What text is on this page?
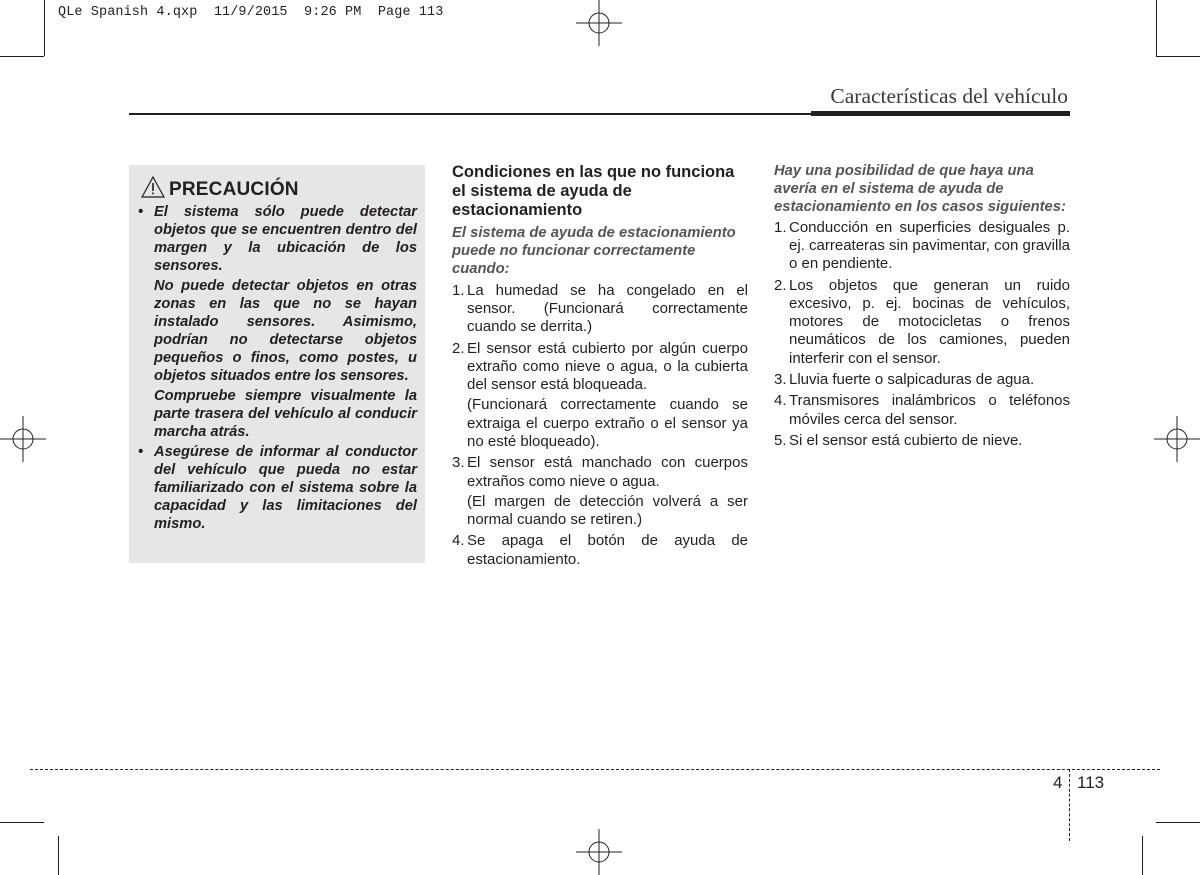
QLe Spanish 4.qxp  11/9/2015  9:26 PM  Page 113
Características del vehículo
PRECAUCIÓN
• El sistema sólo puede detectar objetos que se encuentren dentro del margen y la ubicación de los sensores.

No puede detectar objetos en otras zonas en las que no se hayan instalado sensores. Asimismo, podrían no detectarse objetos pequeños o finos, como postes, u objetos situados entre los sensores.

Compruebe siempre visualmente la parte trasera del vehículo al conducir marcha atrás.

• Asegúrese de informar al conductor del vehículo que pueda no estar familiarizado con el sistema sobre la capacidad y las limitaciones del mismo.

Condiciones en las que no funciona el sistema de ayuda de estacionamiento
El sistema de ayuda de estacionamiento puede no funcionar correctamente cuando:
1. La humedad se ha congelado en el sensor. (Funcionará correctamente cuando se derrita.)

2. El sensor está cubierto por algún cuerpo extraño como nieve o agua, o la cubierta del sensor está bloqueada.

(Funcionará correctamente cuando se extraiga el cuerpo extraño o el sensor ya no esté bloqueado).

3. El sensor está manchado con cuerpos extraños como nieve o agua.

(El margen de detección volverá a ser normal cuando se retiren.)

4. Se apaga el botón de ayuda de estacionamiento.

Hay una posibilidad de que haya una avería en el sistema de ayuda de estacionamiento en los casos siguientes:
1. Conducción en superficies desiguales p. ej. carreateras sin pavimentar, con gravilla o en pendiente.

2. Los objetos que generan un ruido excesivo, p. ej. bocinas de vehículos, motores de motocicletas o frenos neumáticos de los camiones, pueden interferir con el sensor.

3. Lluvia fuerte o salpicaduras de agua.

4. Transmisores inalámbricos o teléfonos móviles cerca del sensor.

5. Si el sensor está cubierto de nieve.

4 113
